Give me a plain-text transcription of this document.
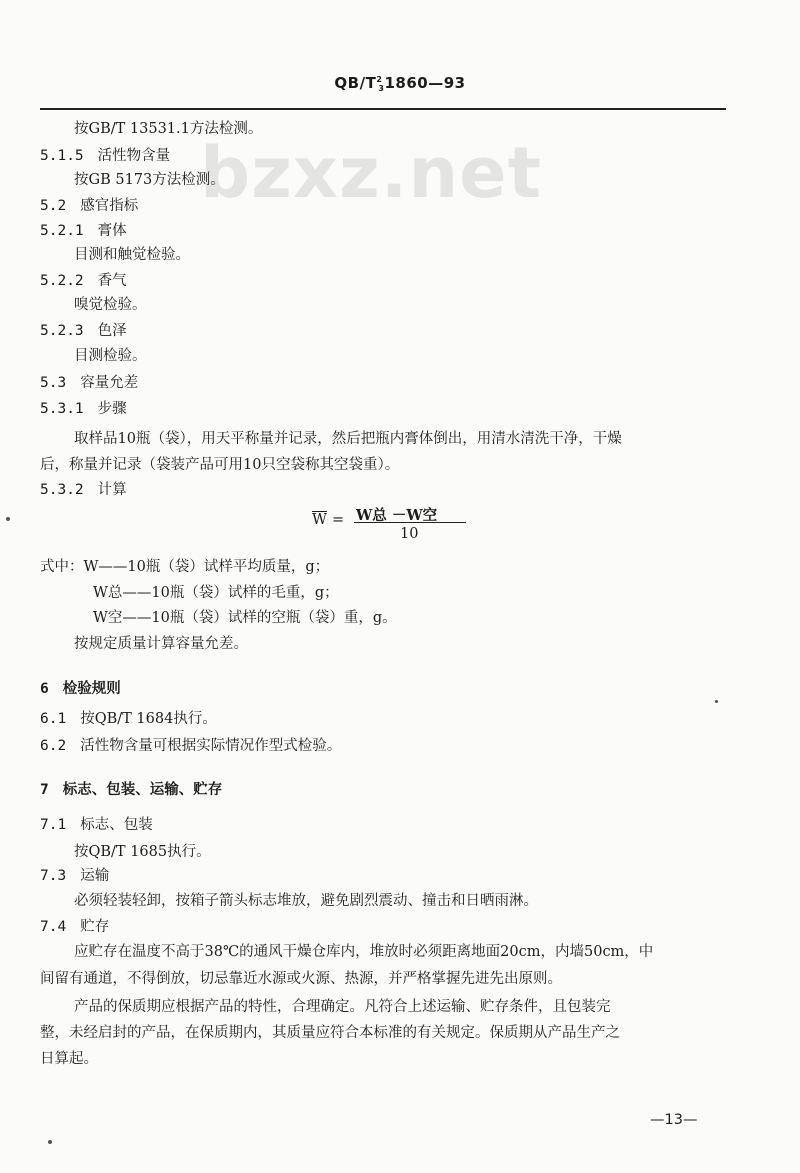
$QB/T^2_31860—93$
bzxz.net
按GB/T 13531.1方法检测。
5.1.5 活性物含量
按GB 5173方法检测。
5.2 感官指标
5.2.1 膏体
目测和触觉检验。
5.2.2 香气
嗅觉检验。
5.2.3 色泽
目测检验。
5.3 容量允差
5.3.1 步骤
取样品10瓶（袋），用天平称量并记录，然后把瓶内膏体倒出，用清水清洗干净，干燥
后，称量并记录（袋装产品可用10只空袋称其空袋重）。
5.3.2 计算
式中：W——10瓶（袋）试样平均质量，g；
W总——10瓶（袋）试样的毛重，g；
W空——10瓶（袋）试样的空瓶（袋）重，g。
按规定质量计算容量允差。
6 检验规则
6.1 按QB/T 1684执行。
6.2 活性物含量可根据实际情况作型式检验。
7 标志、包装、运输、贮存
7.1 标志、包装
按QB/T 1685执行。
7.3 运输
必须轻装轻卸，按箱子箭头标志堆放，避免剧烈震动、撞击和日晒雨淋。
7.4 贮存
应贮存在温度不高于38℃的通风干燥仓库内，堆放时必须距离地面20cm，内墙50cm，中
间留有通道，不得倒放，切忌靠近水源或火源、热源，并严格掌握先进先出原则。
产品的保质期应根据产品的特性，合理确定。凡符合上述运输、贮存条件，且包装完
整，未经启封的产品，在保质期内，其质量应符合本标准的有关规定。保质期从产品生产之
日算起。
$\overline{W} = W$总 －W空
10
—13—
